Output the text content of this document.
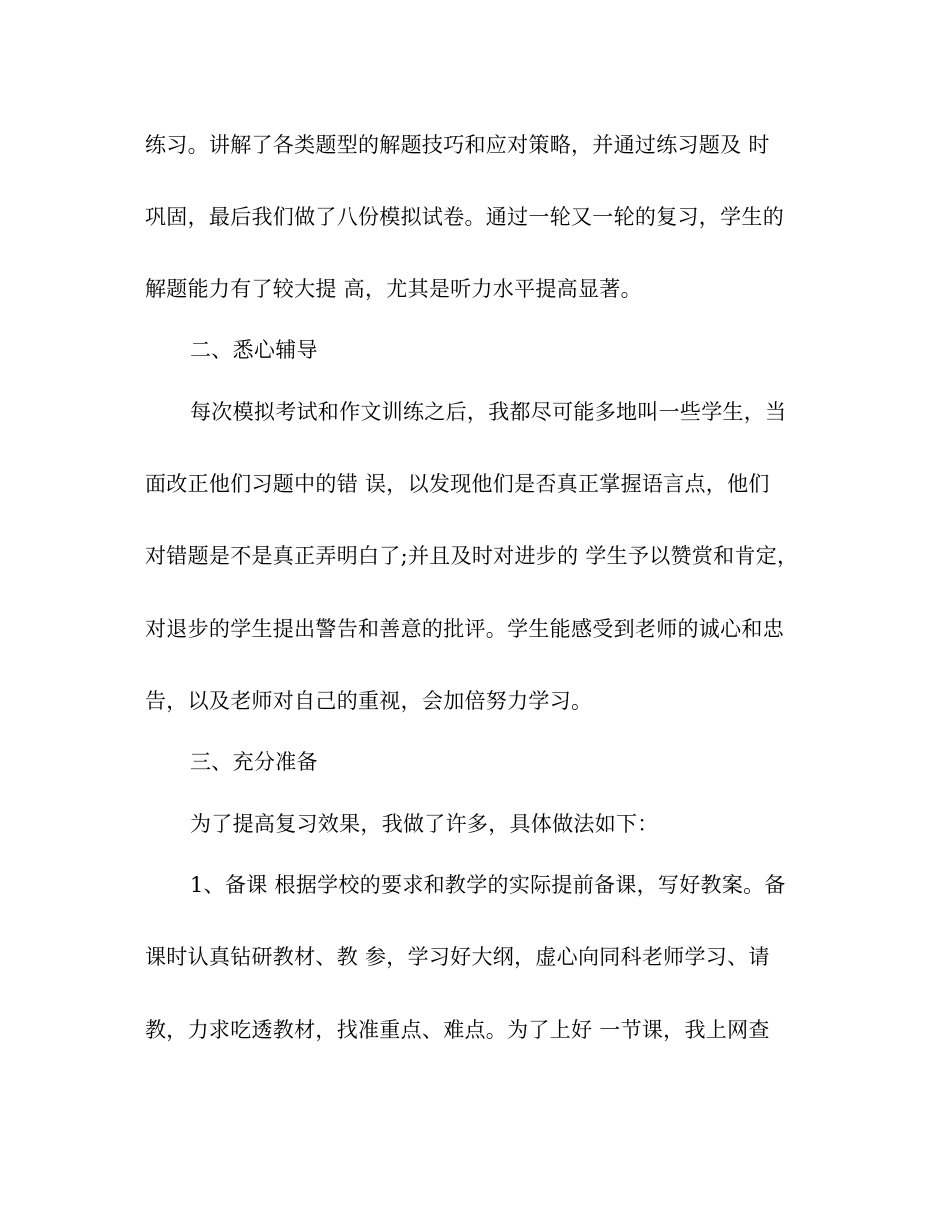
练习。讲解了各类题型的解题技巧和应对策略，并通过练习题及 时
巩固，最后我们做了八份模拟试卷。通过一轮又一轮的复习，学生的
解题能力有了较大提 高，尤其是听力水平提高显著。
二、悉心辅导
每次模拟考试和作文训练之后，我都尽可能多地叫一些学生，当
面改正他们习题中的错 误，以发现他们是否真正掌握语言点，他们
对错题是不是真正弄明白了;并且及时对进步的 学生予以赞赏和肯定，
对退步的学生提出警告和善意的批评。学生能感受到老师的诚心和忠
告，以及老师对自己的重视，会加倍努力学习。
三、充分准备
为了提高复习效果，我做了许多，具体做法如下：
1、备课 根据学校的要求和教学的实际提前备课，写好教案。备
课时认真钻研教材、教 参，学习好大纲，虚心向同科老师学习、请
教，力求吃透教材，找准重点、难点。为了上好 一节课，我上网查
